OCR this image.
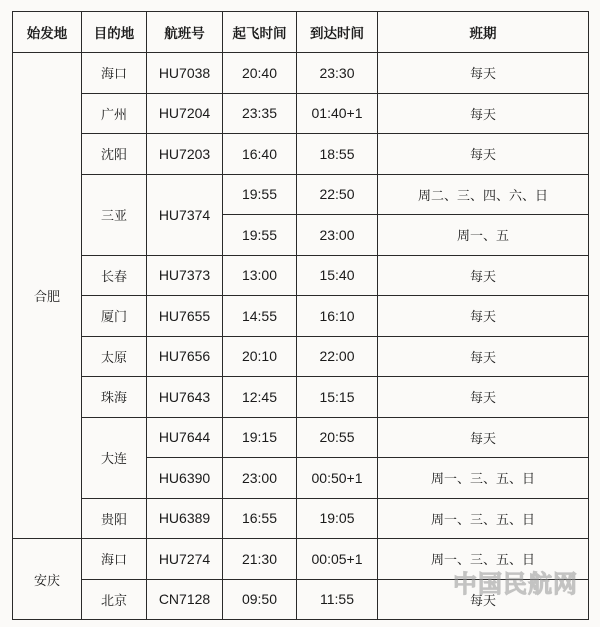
始发地	目的地	航班号	起飞时间	到达时间	班期
合肥	海口	HU7038	20:40	23:30	每天
	广州	HU7204	23:35	01:40+1	每天
	沈阳	HU7203	16:40	18:55	每天
	三亚	HU7374	19:55	22:50	周二、三、四、六、日
			19:55	23:00	周一、五
	长春	HU7373	13:00	15:40	每天
	厦门	HU7655	14:55	16:10	每天
	太原	HU7656	20:10	22:00	每天
	珠海	HU7643	12:45	15:15	每天
	大连	HU7644	19:15	20:55	每天
		HU6390	23:00	00:50+1	周一、三、五、日
	贵阳	HU6389	16:55	19:05	周一、三、五、日
安庆	海口	HU7274	21:30	00:05+1	周一、三、五、日
	北京	CN7128	09:50	11:55	每天
中国民航网
